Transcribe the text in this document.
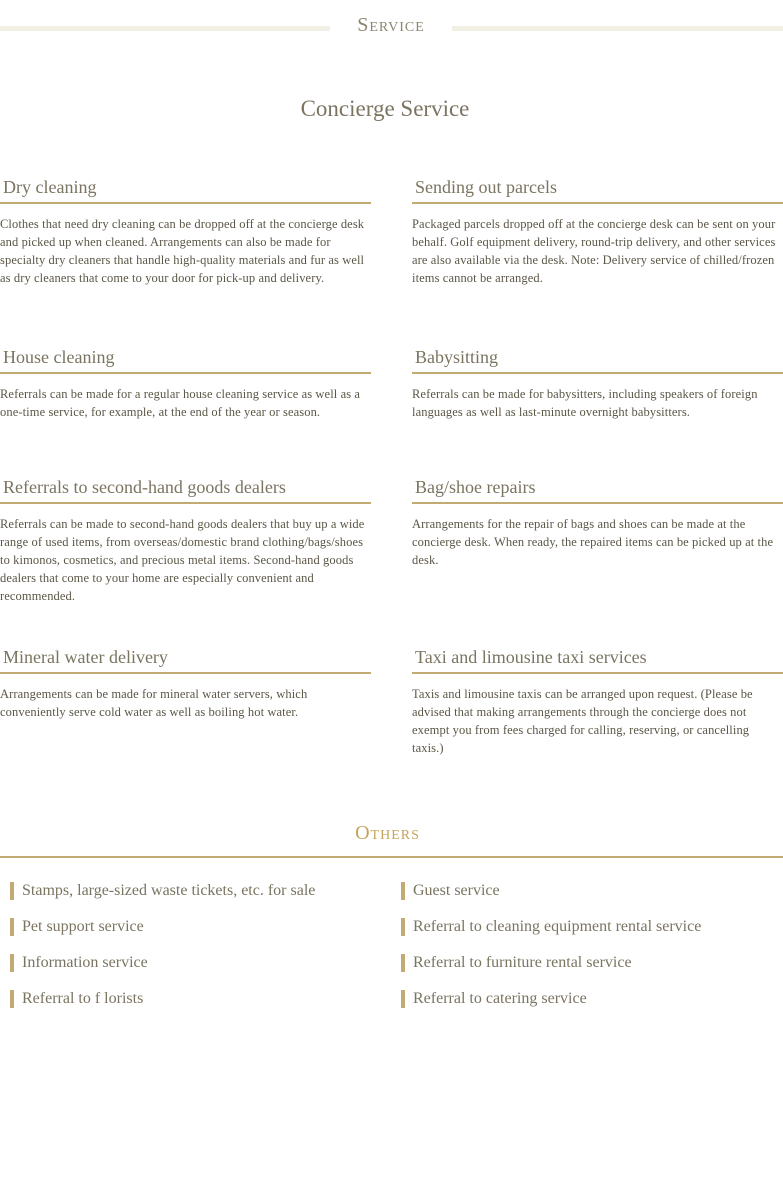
Service
Concierge Service
Dry cleaning

Clothes that need dry cleaning can be dropped off at the concierge desk and picked up when cleaned. Arrangements can also be made for specialty dry cleaners that handle high-quality materials and fur as well as dry cleaners that come to your door for pick-up and delivery.

Sending out parcels

Packaged parcels dropped off at the concierge desk can be sent on your behalf. Golf equipment delivery, round-trip delivery, and other services are also available via the desk. Note: Delivery service of chilled/frozen items cannot be arranged.

House cleaning

Referrals can be made for a regular house cleaning service as well as a one-time service, for example, at the end of the year or season.

Babysitting

Referrals can be made for babysitters, including speakers of foreign languages as well as last-minute overnight babysitters.

Referrals to second-hand goods dealers

Referrals can be made to second-hand goods dealers that buy up a wide range of used items, from overseas/domestic brand clothing/bags/shoes to kimonos, cosmetics, and precious metal items. Second-hand goods dealers that come to your home are especially convenient and recommended.

Bag/shoe repairs

Arrangements for the repair of bags and shoes can be made at the concierge desk. When ready, the repaired items can be picked up at the desk.

Mineral water delivery

Arrangements can be made for mineral water servers, which conveniently serve cold water as well as boiling hot water.

Taxi and limousine taxi services

Taxis and limousine taxis can be arranged upon request. (Please be advised that making arrangements through the concierge does not exempt you from fees charged for calling, reserving, or cancelling taxis.)

Others
Stamps, large-sized waste tickets, etc. for sale
Pet support service
Information service
Referral to f lorists
Guest service
Referral to cleaning equipment rental service
Referral to furniture rental service
Referral to catering service
